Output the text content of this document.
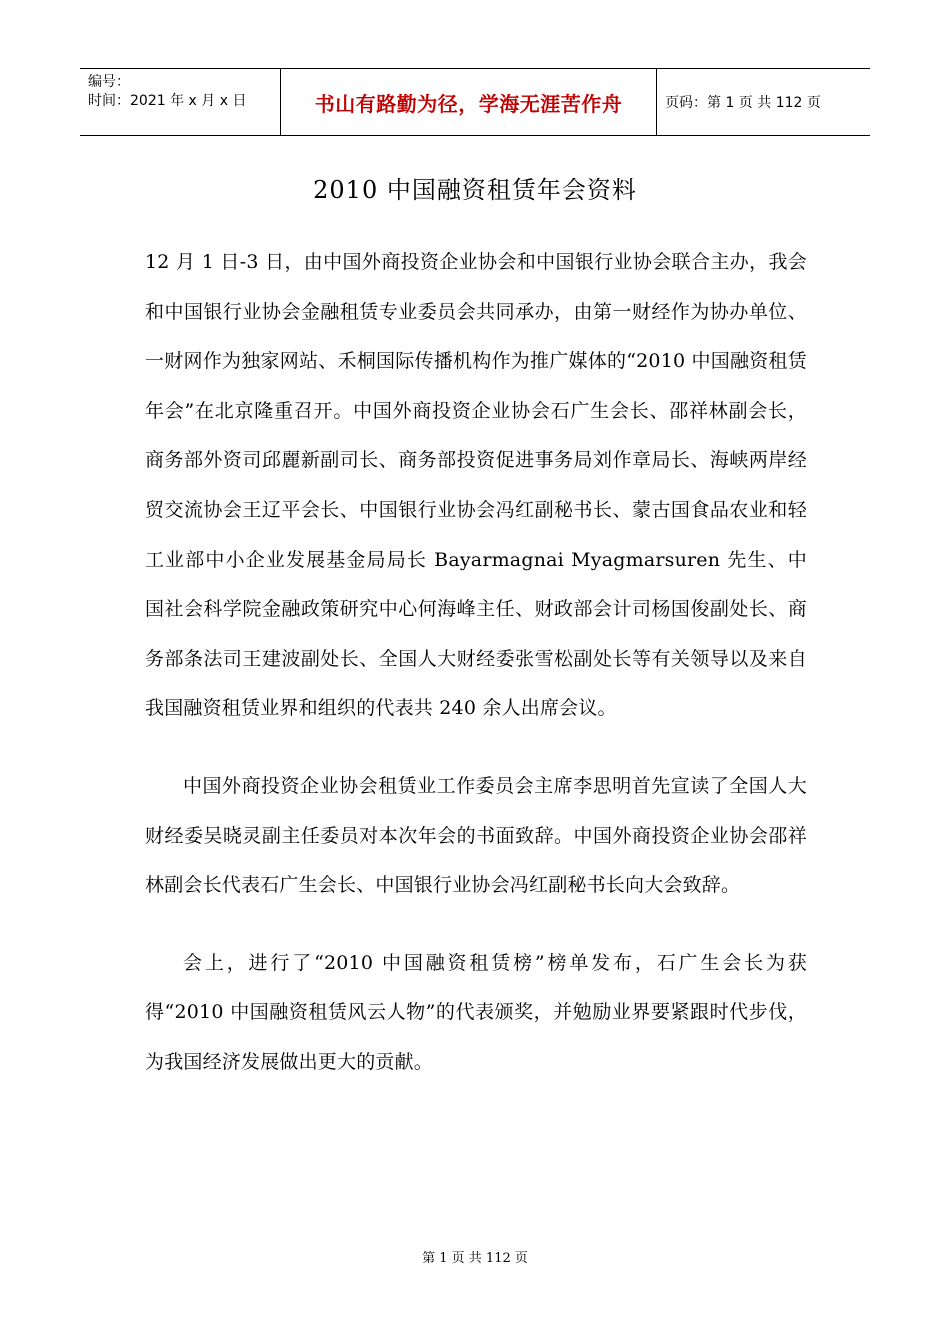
编号：
时间：2021 年 x 月 x 日	书山有路勤为径，学海无涯苦作舟	页码：第 1 页 共 112 页
2010 中国融资租赁年会资料

12 月 1 日-3 日，由中国外商投资企业协会和中国银行业协会联合主办，我会和中国银行业协会金融租赁专业委员会共同承办，由第一财经作为协办单位、一财网作为独家网站、禾桐国际传播机构作为推广媒体的“2010 中国融资租赁年会”在北京隆重召开。中国外商投资企业协会石广生会长、邵祥林副会长，商务部外资司邱麗新副司长、商务部投资促进事务局刘作章局长、海峡两岸经贸交流协会王辽平会长、中国银行业协会冯红副秘书长、蒙古国食品农业和轻工业部中小企业发展基金局局长 Bayarmagnai Myagmarsuren 先生、中国社会科学院金融政策研究中心何海峰主任、财政部会计司杨国俊副处长、商务部条法司王建波副处长、全国人大财经委张雪松副处长等有关领导以及来自我国融资租赁业界和组织的代表共 240 余人出席会议。

中国外商投资企业协会租赁业工作委员会主席李思明首先宣读了全国人大财经委吴晓灵副主任委员对本次年会的书面致辞。中国外商投资企业协会邵祥林副会长代表石广生会长、中国银行业协会冯红副秘书长向大会致辞。

会上，进行了“2010 中国融资租赁榜”榜单发布，石广生会长为获得“2010 中国融资租赁风云人物”的代表颁奖，并勉励业界要紧跟时代步伐，为我国经济发展做出更大的贡献。

第 1 页 共 112 页
